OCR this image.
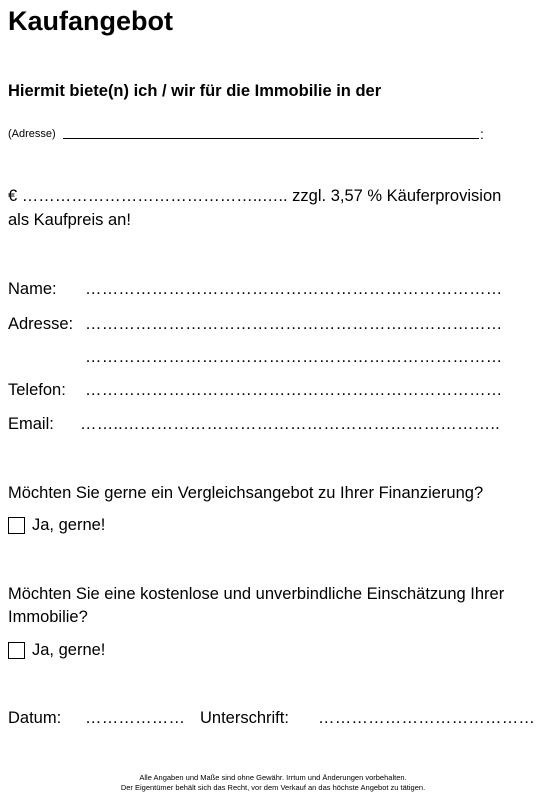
Kaufangebot
Hiermit biete(n) ich / wir für die Immobilie in der
(Adresse)	:
€ ……………………………………..….. zzgl. 3,57 % Käuferprovision
als Kaufpreis an!
Name: …………………………………………………………………
Adresse: …………………………………………………………………
…………………………………………………………………
Telefon: …………………………………………………………………
Email: ……..…………………………………………………………..
Möchten Sie gerne ein Vergleichsangebot zu Ihrer Finanzierung?
Ja, gerne!
Möchten Sie eine kostenlose und unverbindliche Einschätzung Ihrer
Immobilie?
Ja, gerne!
Datum: ……………… Unterschrift: …………………………………
Alle Angaben und Maße sind ohne Gewähr. Irrtum und Änderungen vorbehalten.
Der Eigentümer behält sich das Recht, vor dem Verkauf an das höchste Angebot zu tätigen.
